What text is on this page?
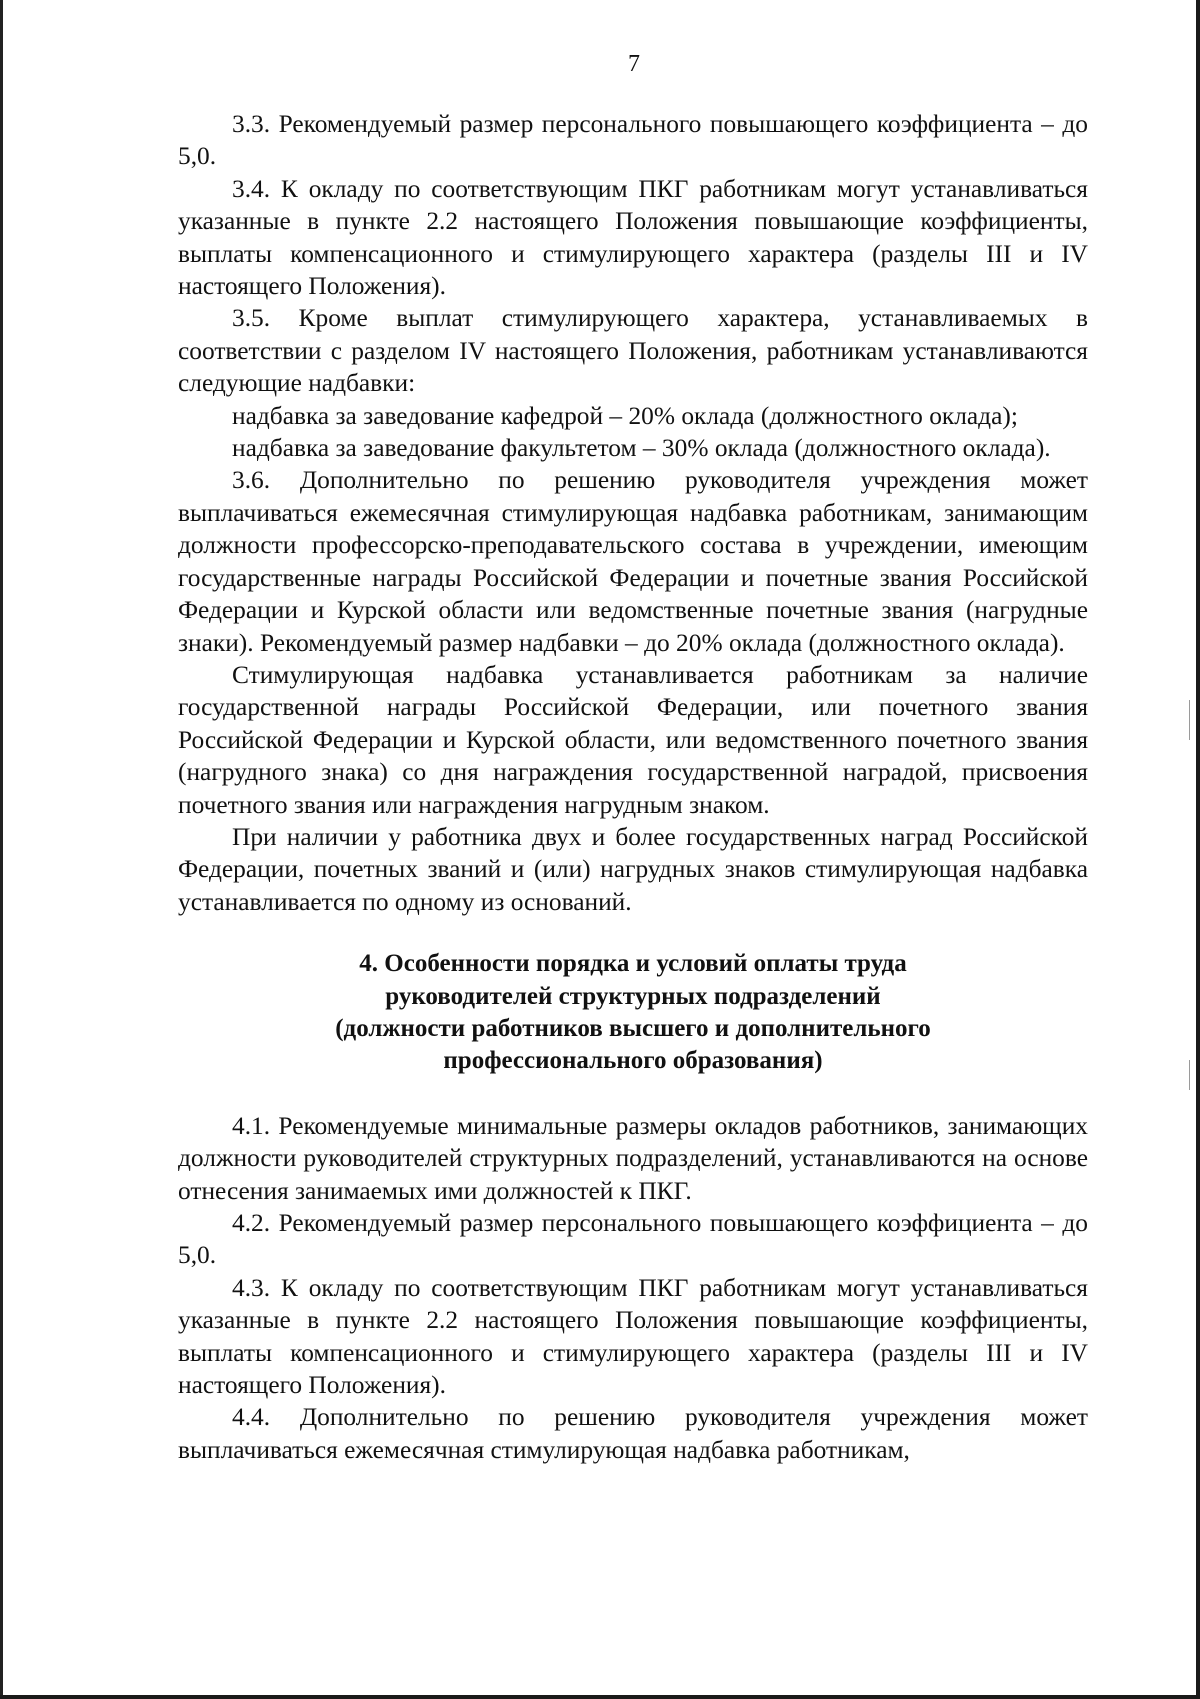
7

3.3. Рекомендуемый размер персонального повышающего коэффициента – до 5,0.

3.4. К окладу по соответствующим ПКГ работникам могут устанавливаться указанные в пункте 2.2 настоящего Положения повышающие коэффициенты, выплаты компенсационного и стимулирующего характера (разделы III и IV настоящего Положения).

3.5. Кроме выплат стимулирующего характера, устанавливаемых в соответствии с разделом IV настоящего Положения, работникам устанавливаются следующие надбавки:

надбавка за заведование кафедрой – 20% оклада (должностного оклада);

надбавка за заведование факультетом – 30% оклада (должностного оклада).

3.6. Дополнительно по решению руководителя учреждения может выплачиваться ежемесячная стимулирующая надбавка работникам, занимающим должности профессорско-преподавательского состава в учреждении, имеющим государственные награды Российской Федерации и почетные звания Российской Федерации и Курской области или ведомственные почетные звания (нагрудные знаки). Рекомендуемый размер надбавки – до 20% оклада (должностного оклада).

Стимулирующая надбавка устанавливается работникам за наличие государственной награды Российской Федерации, или почетного звания Российской Федерации и Курской области, или ведомственного почетного звания (нагрудного знака) со дня награждения государственной наградой, присвоения почетного звания или награждения нагрудным знаком.

При наличии у работника двух и более государственных наград Российской Федерации, почетных званий и (или) нагрудных знаков стимулирующая надбавка устанавливается по одному из оснований.

4. Особенности порядка и условий оплаты труда
руководителей структурных подразделений
(должности работников высшего и дополнительного
профессионального образования)

4.1. Рекомендуемые минимальные размеры окладов работников, занимающих должности руководителей структурных подразделений, устанавливаются на основе отнесения занимаемых ими должностей к ПКГ.

4.2. Рекомендуемый размер персонального повышающего коэффициента – до 5,0.

4.3. К окладу по соответствующим ПКГ работникам могут устанавливаться указанные в пункте 2.2 настоящего Положения повышающие коэффициенты, выплаты компенсационного и стимулирующего характера (разделы III и IV настоящего Положения).

4.4. Дополнительно по решению руководителя учреждения может выплачиваться ежемесячная стимулирующая надбавка работникам,
